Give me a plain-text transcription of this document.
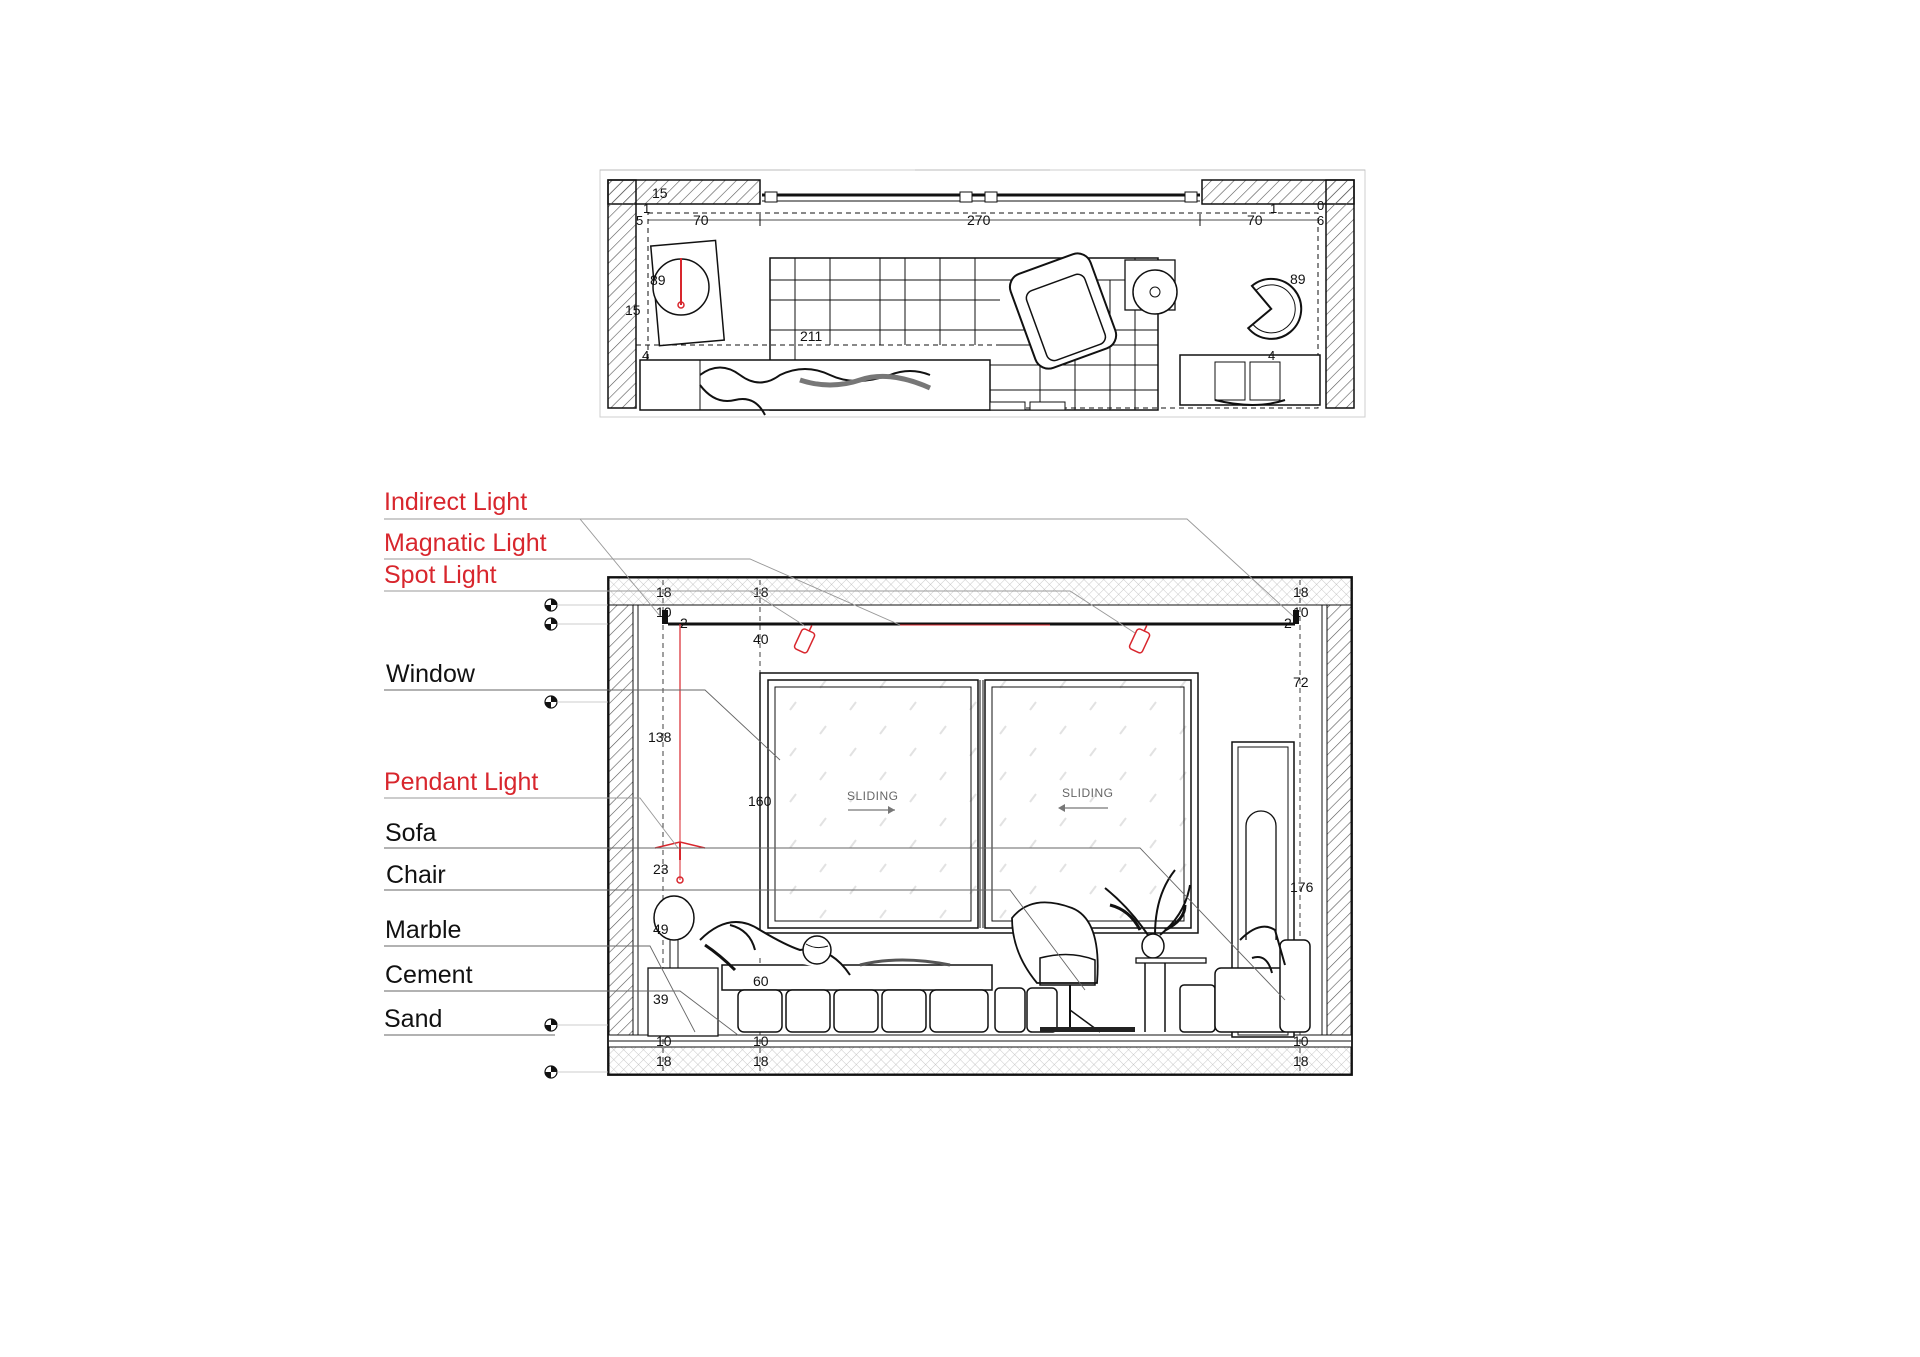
15
1
5	70	270	70
1	0
6
89
15
211
4
89
4
SLIDING	SLIDING
18	18	18
10	10
2	2
40
72
138
160
23
176
49
60
39
10	10	10
18	18	18
Indirect Light
Magnatic Light
Spot Light
Window
Pendant Light
Sofa
Chair
Marble
Cement
Sand
